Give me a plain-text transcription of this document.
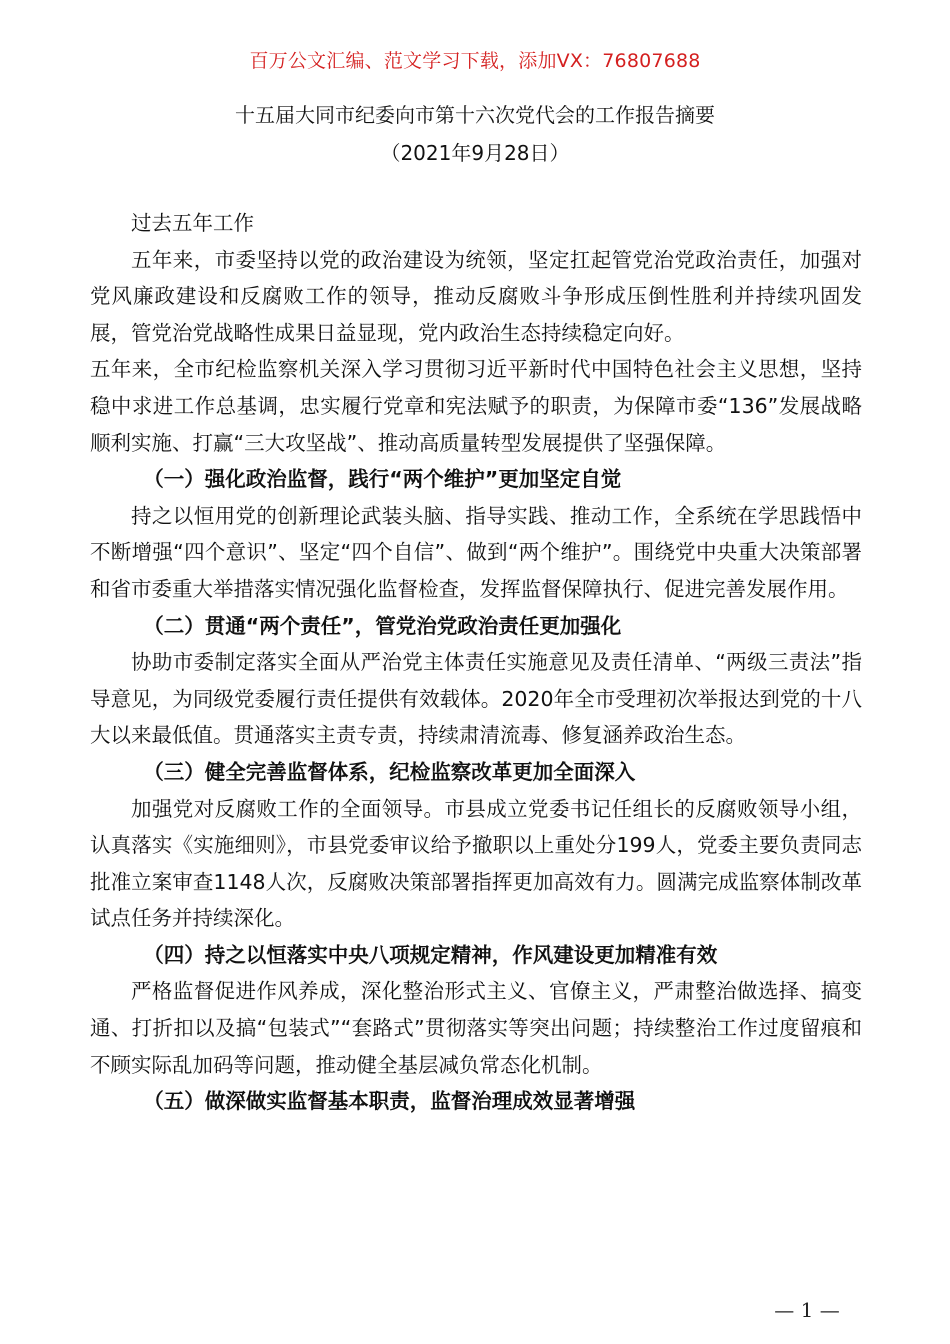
百万公文汇编、范文学习下载，添加VX：76807688
十五届大同市纪委向市第十六次党代会的工作报告摘要
（2021年9月28日）

过去五年工作

五年来，市委坚持以党的政治建设为统领，坚定扛起管党治党政治责任，加强对党风廉政建设和反腐败工作的领导，推动反腐败斗争形成压倒性胜利并持续巩固发展，管党治党战略性成果日益显现，党内政治生态持续稳定向好。

五年来，全市纪检监察机关深入学习贯彻习近平新时代中国特色社会主义思想，坚持稳中求进工作总基调，忠实履行党章和宪法赋予的职责，为保障市委“136”发展战略顺利实施、打赢“三大攻坚战”、推动高质量转型发展提供了坚强保障。

（一）强化政治监督，践行“两个维护”更加坚定自觉

持之以恒用党的创新理论武装头脑、指导实践、推动工作，全系统在学思践悟中不断增强“四个意识”、坚定“四个自信”、做到“两个维护”。围绕党中央重大决策部署和省市委重大举措落实情况强化监督检查，发挥监督保障执行、促进完善发展作用。

（二）贯通“两个责任”，管党治党政治责任更加强化

协助市委制定落实全面从严治党主体责任实施意见及责任清单、“两级三责法”指导意见，为同级党委履行责任提供有效载体。2020年全市受理初次举报达到党的十八大以来最低值。贯通落实主责专责，持续肃清流毒、修复涵养政治生态。

（三）健全完善监督体系，纪检监察改革更加全面深入

加强党对反腐败工作的全面领导。市县成立党委书记任组长的反腐败领导小组，认真落实《实施细则》，市县党委审议给予撤职以上重处分199人，党委主要负责同志批准立案审查1148人次，反腐败决策部署指挥更加高效有力。圆满完成监察体制改革试点任务并持续深化。

（四）持之以恒落实中央八项规定精神，作风建设更加精准有效

严格监督促进作风养成，深化整治形式主义、官僚主义，严肃整治做选择、搞变通、打折扣以及搞“包装式”“套路式”贯彻落实等突出问题；持续整治工作过度留痕和不顾实际乱加码等问题，推动健全基层减负常态化机制。

（五）做深做实监督基本职责，监督治理成效显著增强

— 1 —
